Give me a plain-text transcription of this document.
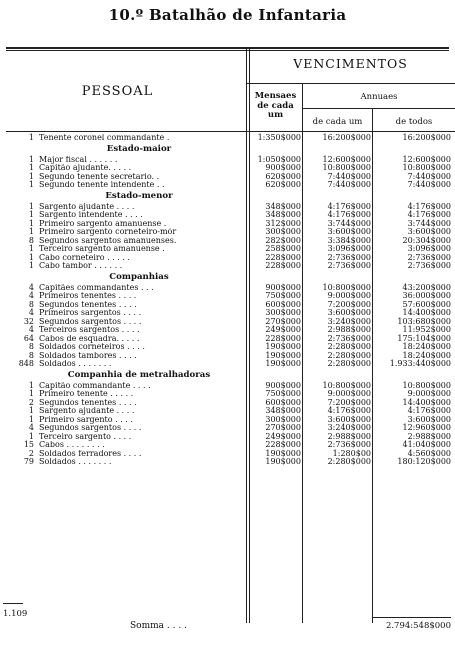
10.º Batalhão de Infantaria
PESSOAL
VENCIMENTOS
Mensaes de cada um
Annuaes
de cada um	de todos
1 Tenente coronel commandante .	1:350$000	16:200$000	16:200$000
Estado-maior
1 Major fiscal . . . . . .	1:050$000	12:600$000	12:600$000
1 Capitão ajudante. . . . .	900$000	10:800$000	10:800$000
1 Segundo tenente secretario. .	620$000	7:440$000	7:440$000
1 Segundo tenente intendente . .	620$000	7:440$000	7:440$000
Estado-menor
1 Sargento ajudante . . . .	348$000	4:176$000	4:176$000
1 Sargento intendente . . . .	348$000	4:176$000	4:176$000
1 Primeiro sargento amanuense .	312$000	3:744$000	3:744$000
1 Primeiro sargento corneteiro-mór	300$000	3:600$000	3:600$000
8 Segundos sargentos amanuenses.	282$000	3:384$000	20:304$000
1 Terceiro sargento amanuense .	258$000	3:096$000	3:096$000
1 Cabo corneteiro . . . . .	228$000	2:736$000	2:736$000
1 Cabo tambor . . . . . .	228$000	2:736$000	2:736$000
Companhias
4 Capitães commandantes . . .	900$000	10:800$000	43:200$000
4 Primeiros tenentes . . . .	750$000	9:000$000	36:000$000
8 Segundos tenentes . . . .	600$000	7:200$000	57:600$000
4 Primeiros sargentos . . . .	300$000	3:600$000	14:400$000
32 Segundos sargentos . . . .	270$000	3:240$000	103:680$000
4 Terceiros sargentos . . . .	249$000	2:988$000	11:952$000
64 Cabos de esquadra. . . . .	228$000	2:736$000	175:104$000
8 Soldados corneteiros . . . .	190$000	2:280$000	18:240$000
8 Soldados tambores . . . .	190$000	2:280$000	18:240$000
848 Soldados . . . . . . .	190$000	2:280$000	1.933:440$000
Companhia de metralhadoras
1 Capitão commandante . . . .	900$000	10:800$000	10:800$000
1 Primeiro tenente . . . . .	750$000	9:000$000	9:000$000
2 Segundos tenentes . . . .	600$000	7:200$000	14:400$000
1 Sargento ajudante . . . .	348$000	4:176$000	4:176$000
1 Primeiro sargento . . . .	300$000	3:600$000	3:600$000
4 Segundos sargentos . . . .	270$000	3:240$000	12:960$000
1 Terceiro sargento . . . .	249$000	2:988$000	2:988$000
15 Cabos . . . . . . . .	228$000	2:736$000	41:040$000
2 Soldados ferradores . . . .	190$000	1:280$00	4:560$000
79 Soldados . . . . . . .	190$000	2:280$000	180:120$000
1.109
Somma . . . .	2.794:548$000
